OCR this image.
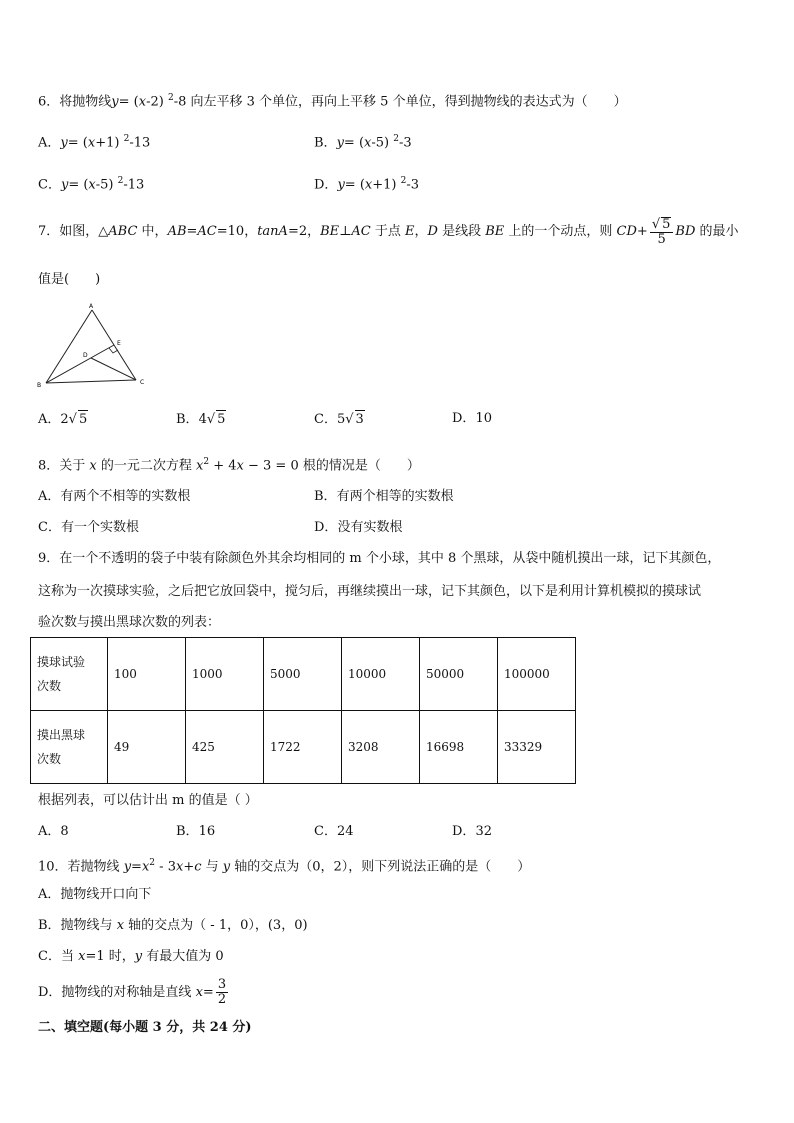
6．将抛物线y= (x-2) $^2$-8 向左平移 3 个单位，再向上平移 5 个单位，得到抛物线的表达式为（　　）
A．y= (x+1) $^2$-13	B．y= (x-5) $^2$-3
C．y= (x-5) $^2$-13	D．y= (x+1) $^2$-3
7．如图，△ABC 中，AB=AC=10，tanA=2，BE⊥AC 于点 E，D 是线段 BE 上的一个动点，则 $CD+ \frac{√ 5}{5}$ BD 的最小
值是(　　)
A
B	C
D
E
A．2√ 5	B．4√ 5	C．5√ 3	D．10
8．关于 x 的一元二次方程 $x^2 + 4x - 3 = 0$ 根的情况是（　　）
A．有两个不相等的实数根	B．有两个相等的实数根
C．有一个实数根	D．没有实数根
9．在一个不透明的袋子中装有除颜色外其余均相同的 m 个小球，其中 8 个黑球，从袋中随机摸出一球，记下其颜色，
这称为一次摸球实验，之后把它放回袋中，搅匀后，再继续摸出一球，记下其颜色，以下是利用计算机模拟的摸球试
验次数与摸出黑球次数的列表：
摸球试验
次数	100	1000	5000	10000	50000	100000
摸出黑球
次数	49	425	1722	3208	16698	33329
根据列表，可以估计出 m 的值是（ ）
A．8	B．16	C．24	D．32
10．若抛物线 $y=x^2 - 3x+c$ 与 y 轴的交点为（0，2），则下列说法正确的是（　　）
A．抛物线开口向下
B．抛物线与 x 轴的交点为（ - 1，0），(3，0)
C．当 x=1 时，y 有最大值为 0
D．抛物线的对称轴是直线 $x= \frac{3}{2}$
二、填空题(每小题 3 分，共 24 分)
